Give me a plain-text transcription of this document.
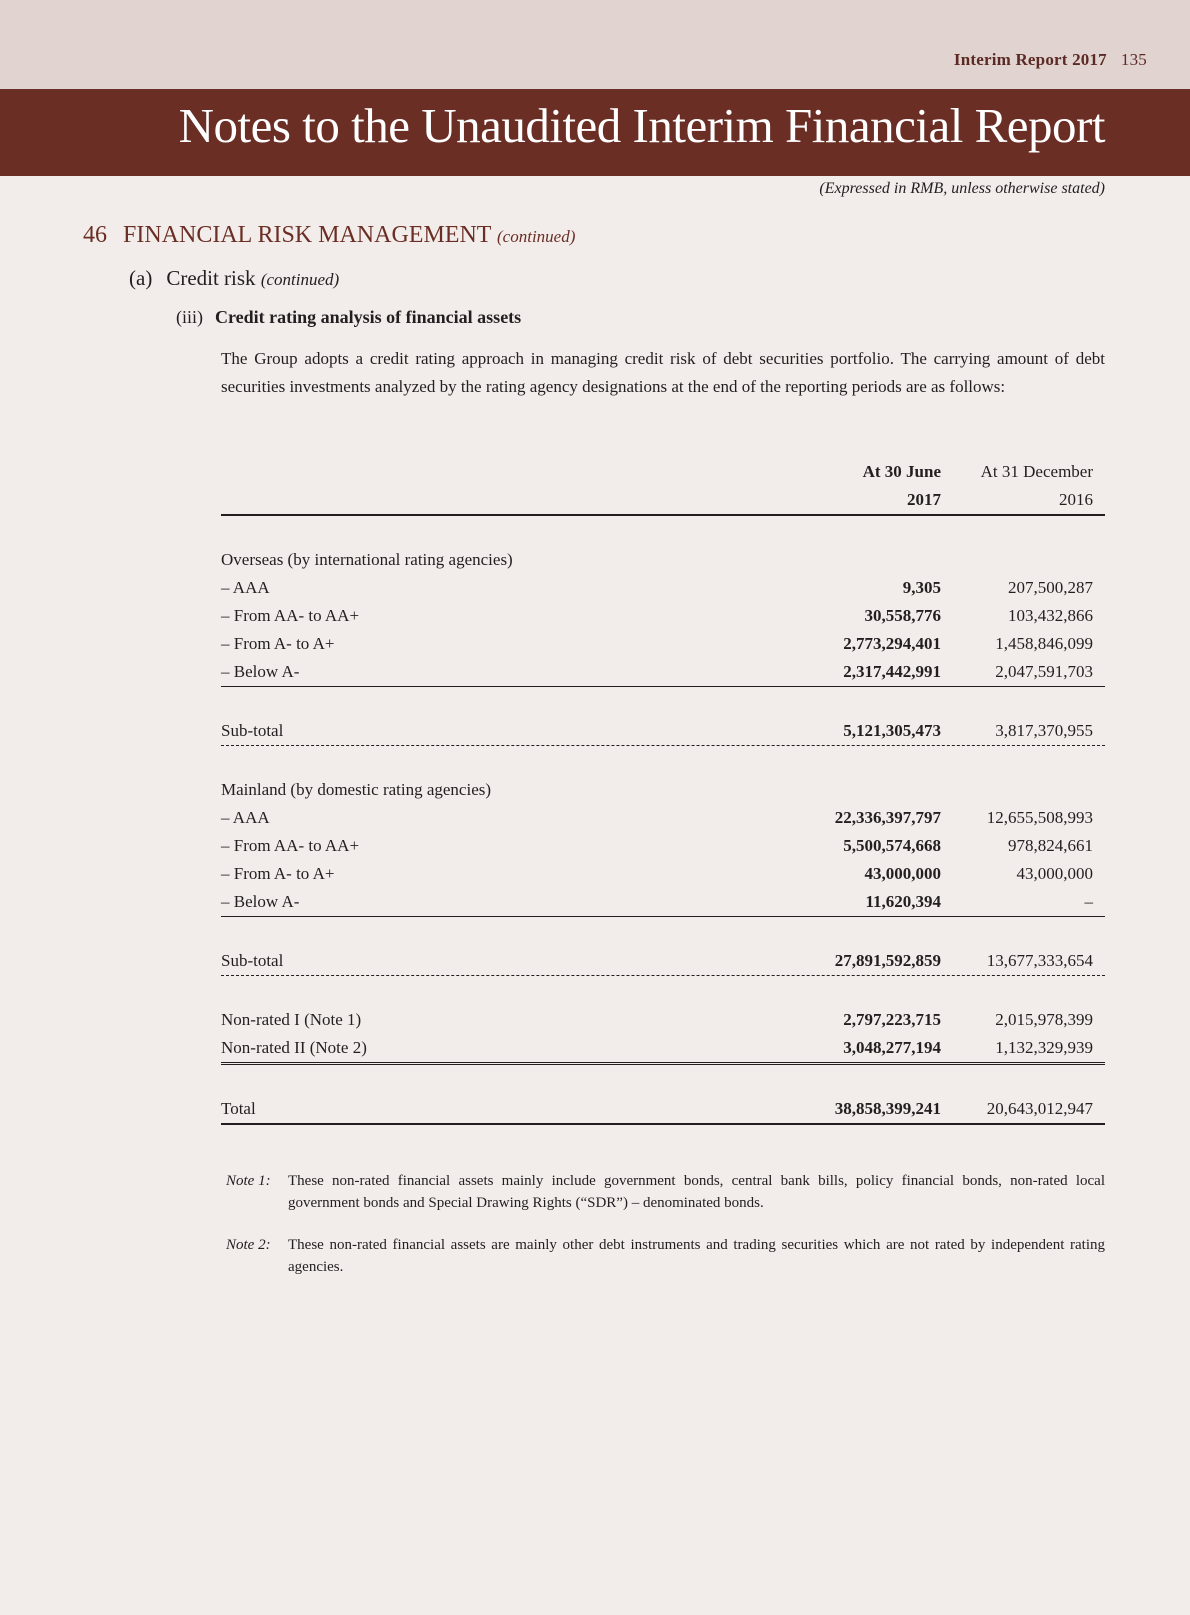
Interim Report 2017 135
Notes to the Unaudited Interim Financial Report
(Expressed in RMB, unless otherwise stated)
46 FINANCIAL RISK MANAGEMENT (continued)
(a) Credit risk (continued)
(iii) Credit rating analysis of financial assets
The Group adopts a credit rating approach in managing credit risk of debt securities portfolio. The carrying amount of debt securities investments analyzed by the rating agency designations at the end of the reporting periods are as follows:
At 30 June At 31 December
2017	2016
Overseas (by international rating agencies)
– AAA	9,305	207,500,287
– From AA- to AA+	30,558,776	103,432,866
– From A- to A+	2,773,294,401	1,458,846,099
– Below A-	2,317,442,991	2,047,591,703
Sub-total	5,121,305,473	3,817,370,955
Mainland (by domestic rating agencies)
– AAA	22,336,397,797	12,655,508,993
– From AA- to AA+	5,500,574,668	978,824,661
– From A- to A+	43,000,000	43,000,000
– Below A-	11,620,394	–
Sub-total	27,891,592,859	13,677,333,654
Non-rated I (Note 1)	2,797,223,715	2,015,978,399
Non-rated II (Note 2)	3,048,277,194	1,132,329,939
Total	38,858,399,241	20,643,012,947
Note 1: These non-rated financial assets mainly include government bonds, central bank bills, policy financial bonds, non-rated local government bonds and Special Drawing Rights (“SDR”) – denominated bonds.
Note 2: These non-rated financial assets are mainly other debt instruments and trading securities which are not rated by independent rating agencies.
